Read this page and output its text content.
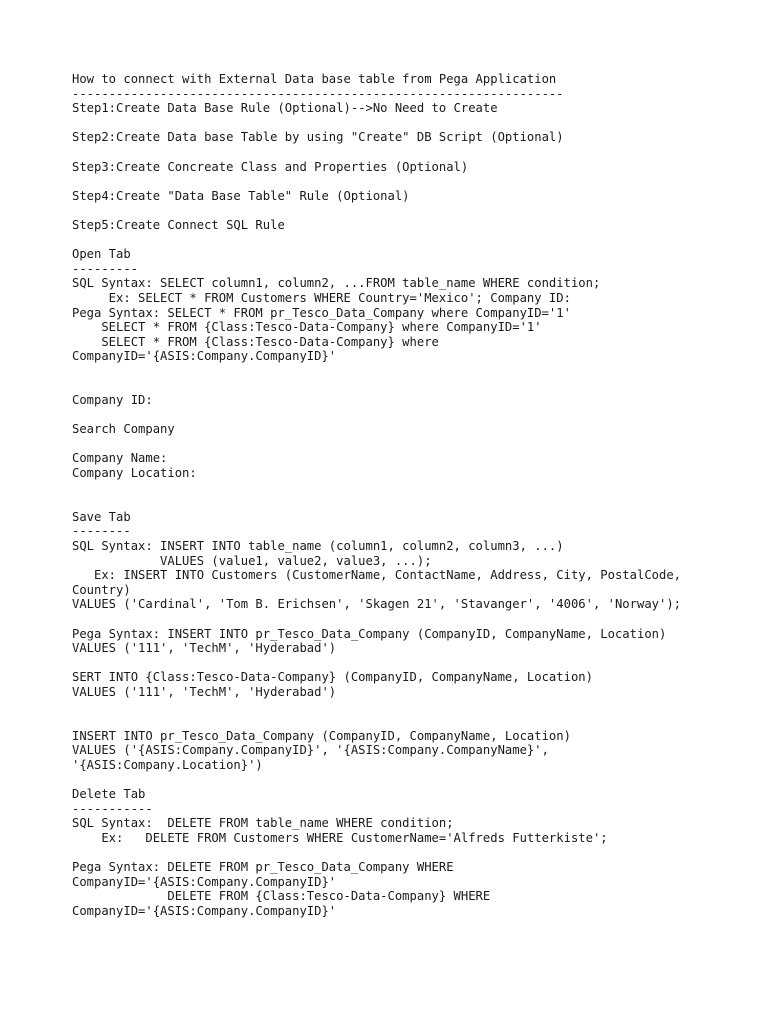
How to connect with External Data base table from Pega Application
-------------------------------------------------------------------
Step1:Create Data Base Rule (Optional)-->No Need to Create
Step2:Create Data base Table by using "Create" DB Script (Optional)
Step3:Create Concreate Class and Properties (Optional)
Step4:Create "Data Base Table" Rule (Optional)
Step5:Create Connect SQL Rule
Open Tab
---------
SQL Syntax: SELECT column1, column2, ...FROM table_name WHERE condition;
Ex: SELECT * FROM Customers WHERE Country='Mexico'; Company ID:
Pega Syntax: SELECT * FROM pr_Tesco_Data_Company where CompanyID='1'
SELECT * FROM {Class:Tesco-Data-Company} where CompanyID='1'
SELECT * FROM {Class:Tesco-Data-Company} where
CompanyID='{ASIS:Company.CompanyID}'
Company ID:
Search Company
Company Name:
Company Location:
Save Tab
--------
SQL Syntax: INSERT INTO table_name (column1, column2, column3, ...)
VALUES (value1, value2, value3, ...);
Ex: INSERT INTO Customers (CustomerName, ContactName, Address, City, PostalCode,
Country)
VALUES ('Cardinal', 'Tom B. Erichsen', 'Skagen 21', 'Stavanger', '4006', 'Norway');
Pega Syntax: INSERT INTO pr_Tesco_Data_Company (CompanyID, CompanyName, Location)
VALUES ('111', 'TechM', 'Hyderabad')
SERT INTO {Class:Tesco-Data-Company} (CompanyID, CompanyName, Location)
VALUES ('111', 'TechM', 'Hyderabad')
INSERT INTO pr_Tesco_Data_Company (CompanyID, CompanyName, Location)
VALUES ('{ASIS:Company.CompanyID}', '{ASIS:Company.CompanyName}',
'{ASIS:Company.Location}')
Delete Tab
-----------
SQL Syntax:  DELETE FROM table_name WHERE condition;
Ex:   DELETE FROM Customers WHERE CustomerName='Alfreds Futterkiste';
Pega Syntax: DELETE FROM pr_Tesco_Data_Company WHERE
CompanyID='{ASIS:Company.CompanyID}'
DELETE FROM {Class:Tesco-Data-Company} WHERE
CompanyID='{ASIS:Company.CompanyID}'
